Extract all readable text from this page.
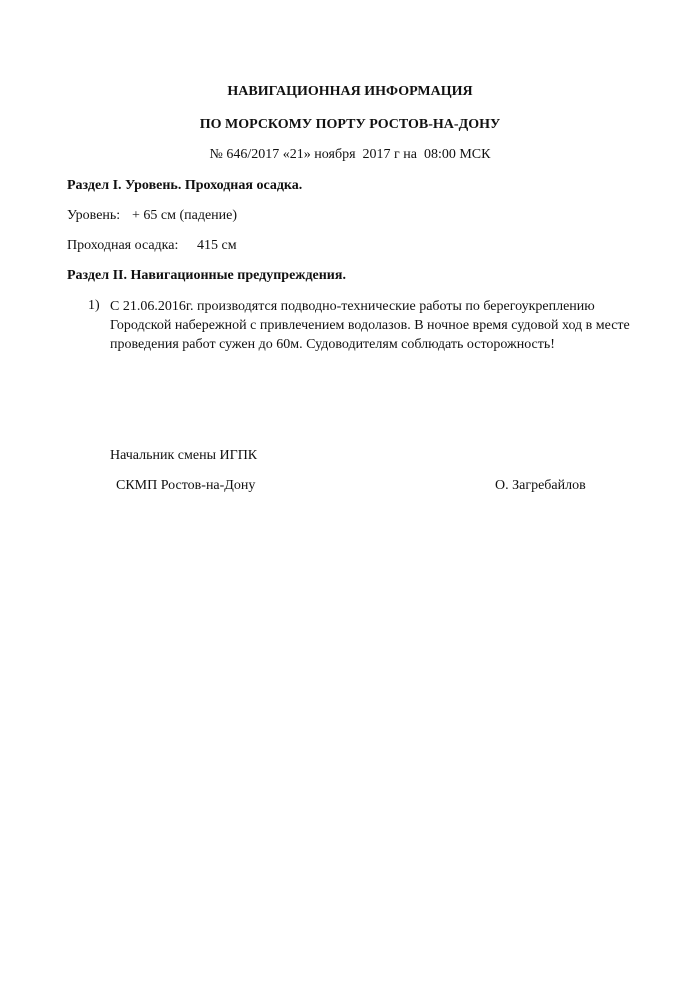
НАВИГАЦИОННАЯ ИНФОРМАЦИЯ
ПО МОРСКОМУ ПОРТУ РОСТОВ-НА-ДОНУ
№ 646/2017 «21» ноября  2017 г на  08:00 МСК
Раздел I. Уровень. Проходная осадка.
Уровень: + 65 см (падение)
Проходная осадка: 415 см
Раздел II. Навигационные предупреждения.
1) С 21.06.2016г. производятся подводно-технические работы по берегоукреплению Городской набережной с привлечением водолазов. В ночное время судовой ход в месте проведения работ сужен до 60м. Судоводителям соблюдать осторожность!
Начальник смены ИГПК
СКМП Ростов-на-Дону	О. Загребайлов
